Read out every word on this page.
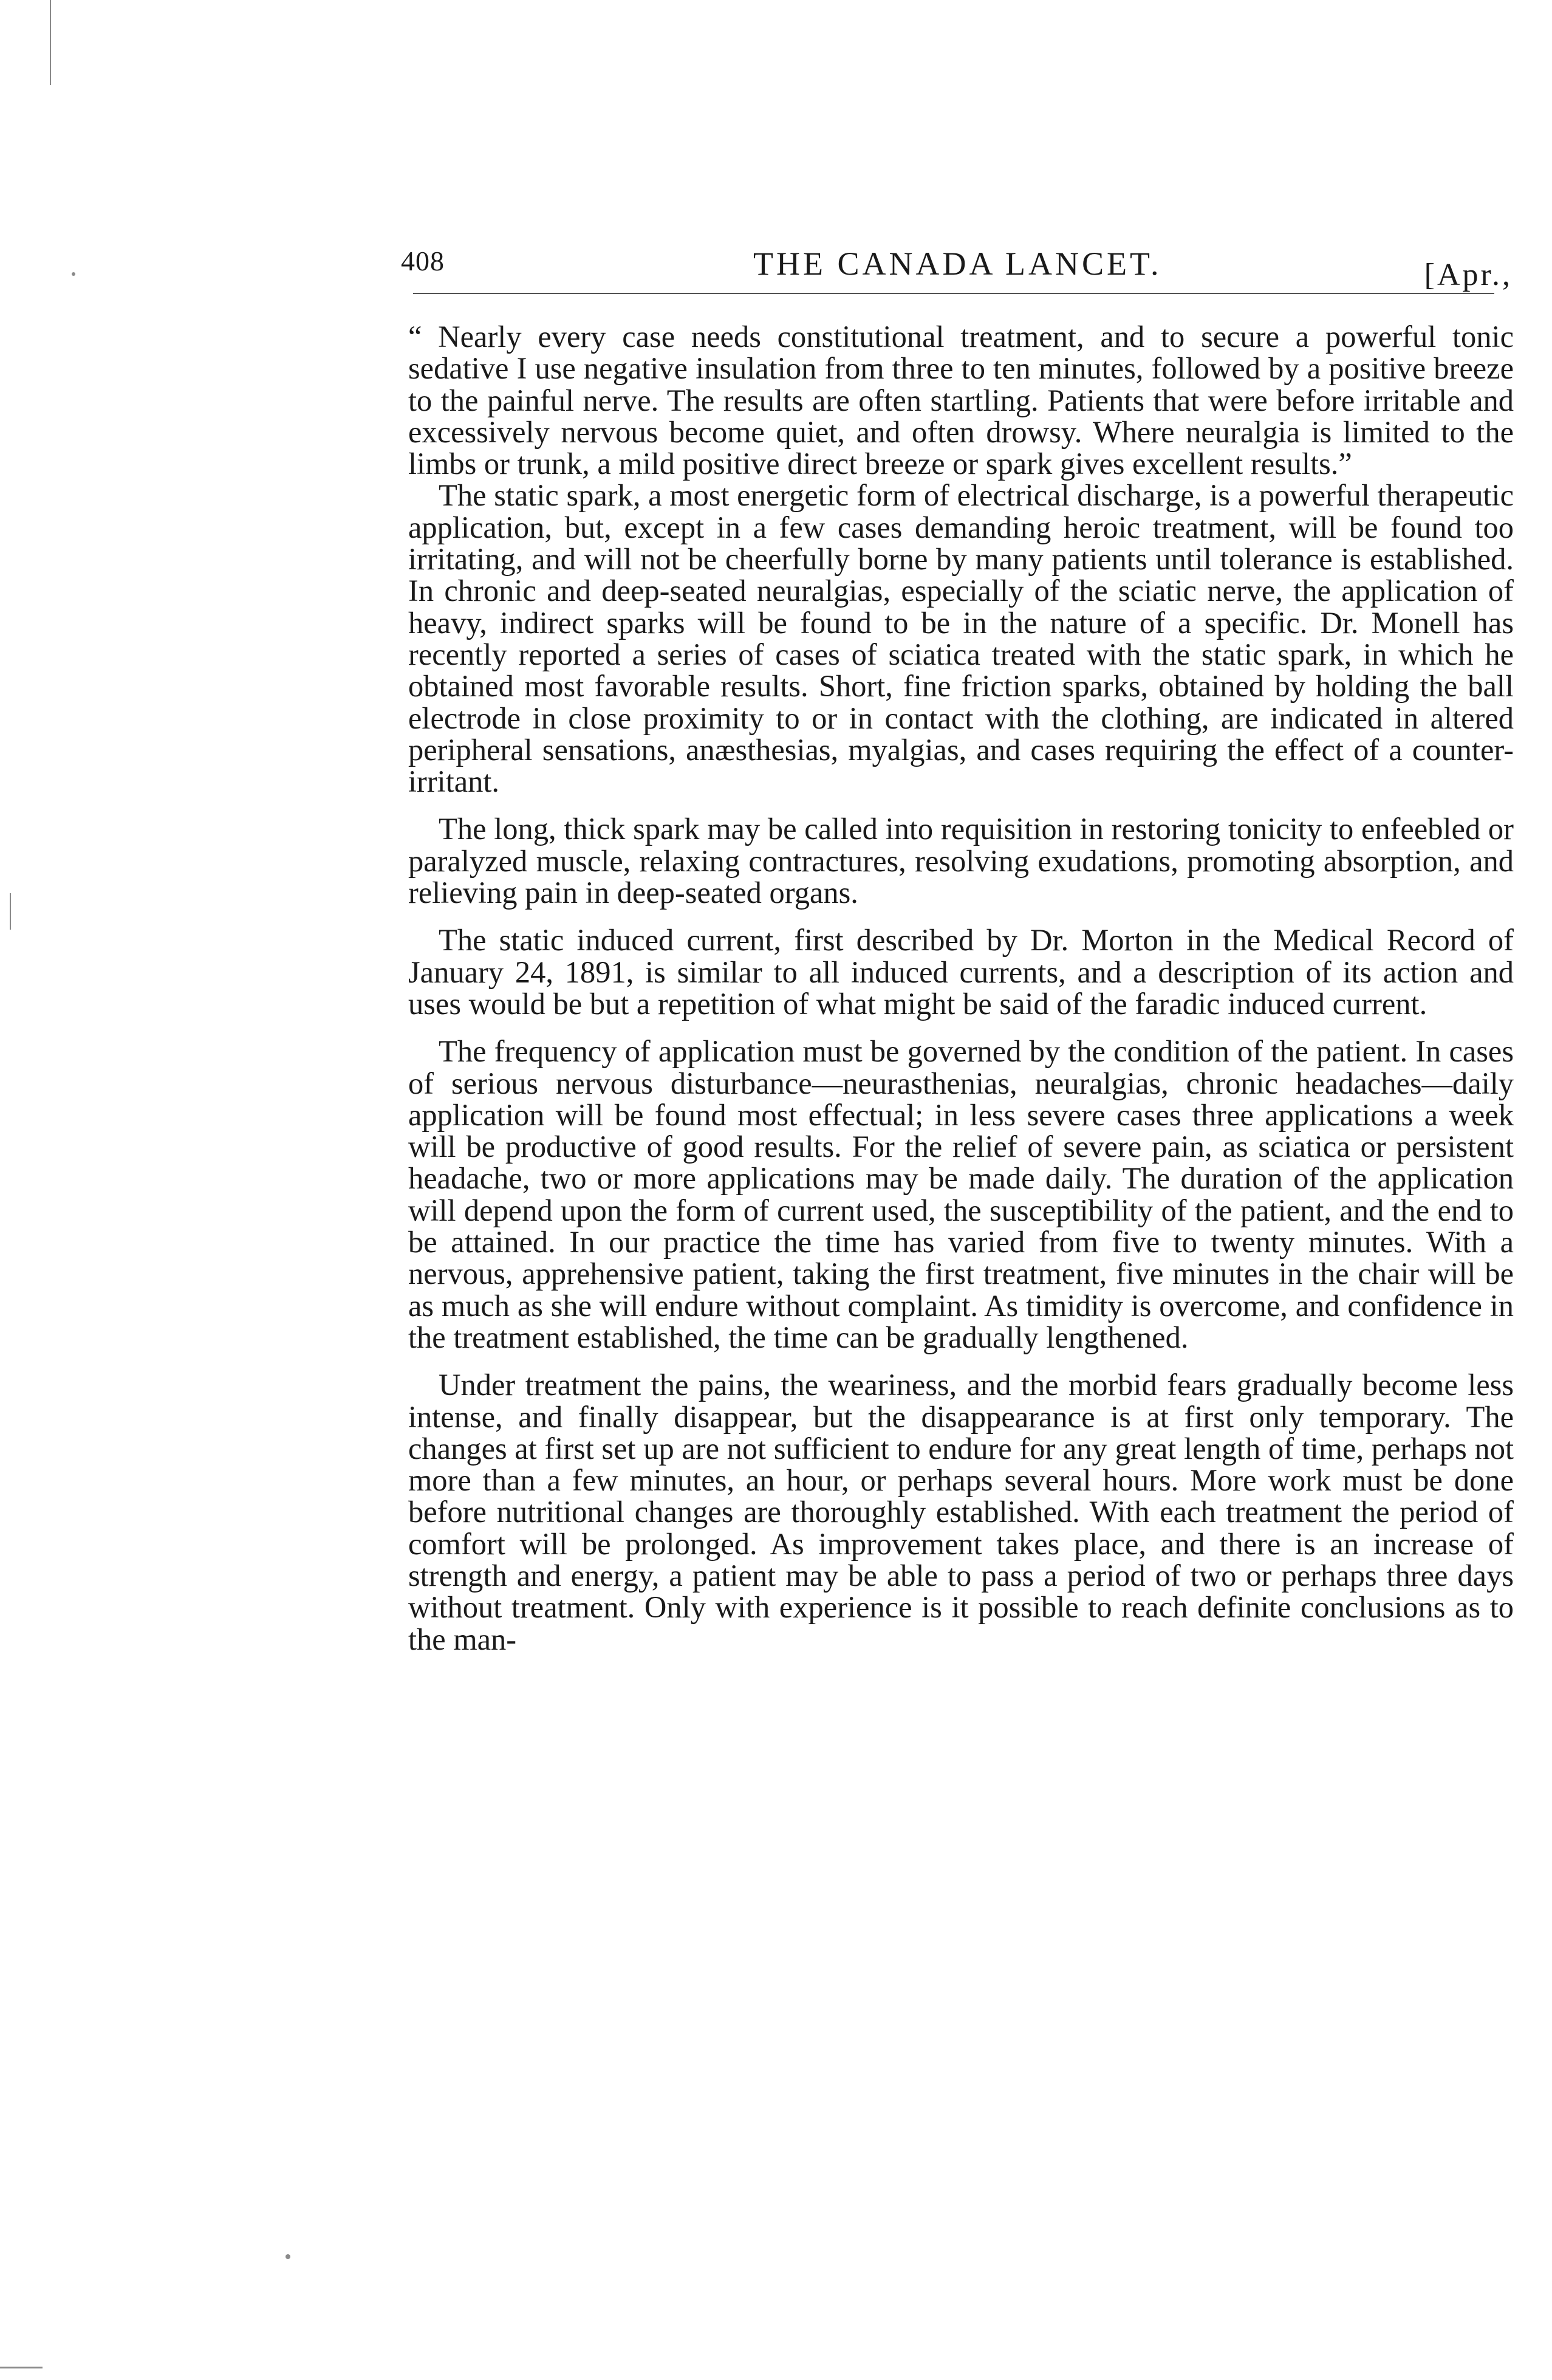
408	THE CANADA LANCET.	[Apr.,

“ Nearly every case needs constitutional treatment, and to secure a powerful tonic sedative I use negative insulation from three to ten minutes, followed by a positive breeze to the painful nerve. The results are often startling. Patients that were before irritable and excessively nervous become quiet, and often drowsy. Where neuralgia is limited to the limbs or trunk, a mild positive direct breeze or spark gives excellent results.”

The static spark, a most energetic form of electrical discharge, is a powerful therapeutic application, but, except in a few cases demanding heroic treatment, will be found too irritating, and will not be cheerfully borne by many patients until tolerance is established. In chronic and deep-seated neuralgias, especially of the sciatic nerve, the application of heavy, indirect sparks will be found to be in the nature of a specific. Dr. Monell has recently reported a series of cases of sciatica treated with the static spark, in which he obtained most favorable results. Short, fine friction sparks, obtained by holding the ball electrode in close proximity to or in contact with the clothing, are indicated in altered peripheral sensations, anæsthesias, myalgias, and cases requiring the effect of a counter-irritant.

The long, thick spark may be called into requisition in restoring tonicity to enfeebled or paralyzed muscle, relaxing contractures, resolving exudations, promoting absorption, and relieving pain in deep-seated organs.

The static induced current, first described by Dr. Morton in the Medical Record of January 24, 1891, is similar to all induced currents, and a description of its action and uses would be but a repetition of what might be said of the faradic induced current.

The frequency of application must be governed by the condition of the patient. In cases of serious nervous disturbance—neurasthenias, neuralgias, chronic headaches—daily application will be found most effectual; in less severe cases three applications a week will be productive of good results. For the relief of severe pain, as sciatica or persistent headache, two or more applications may be made daily. The duration of the application will depend upon the form of current used, the susceptibility of the patient, and the end to be attained. In our practice the time has varied from five to twenty minutes. With a nervous, apprehensive patient, taking the first treatment, five minutes in the chair will be as much as she will endure without complaint. As timidity is overcome, and confidence in the treatment established, the time can be gradually lengthened.

Under treatment the pains, the weariness, and the morbid fears gradually become less intense, and finally disappear, but the disappearance is at first only temporary. The changes at first set up are not sufficient to endure for any great length of time, perhaps not more than a few minutes, an hour, or perhaps several hours. More work must be done before nutritional changes are thoroughly established. With each treatment the period of comfort will be prolonged. As improvement takes place, and there is an increase of strength and energy, a patient may be able to pass a period of two or perhaps three days without treatment. Only with experience is it possible to reach definite conclusions as to the man-
